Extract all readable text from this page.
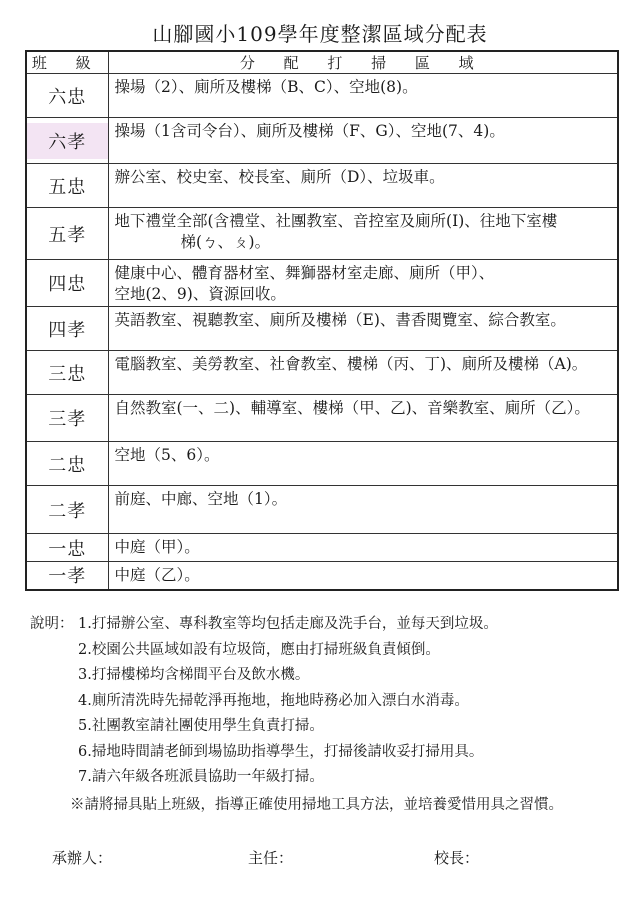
山腳國小109學年度整潔區域分配表
班 級	分 配 打 掃 區 域
六忠	操場（2）、廁所及樓梯（B、C）、空地(8)。

六孝	操場（1含司令台）、廁所及樓梯（F、G）、空地(7、4)。

五忠	辦公室、校史室、校長室、廁所（D）、垃圾車。

五孝	地下禮堂全部(含禮堂、社團教室、音控室及廁所(I)、往地下室樓
梯(ㄅ、ㄆ)。

四忠	健康中心、體育器材室、舞獅器材室走廊、廁所（甲）、
空地(2、9)、資源回收。

四孝	英語教室、視聽教室、廁所及樓梯（E)、書香閱覽室、綜合教室。

三忠	電腦教室、美勞教室、社會教室、樓梯（丙、丁)、廁所及樓梯（A)。

三孝	自然教室(一、二)、輔導室、樓梯（甲、乙)、音樂教室、廁所（乙）。

二忠	空地（5、6）。

二孝	前庭、中廊、空地（1）。

一忠	中庭（甲）。

一孝	中庭（乙）。
說明： 1.打掃辦公室、專科教室等均包括走廊及洗手台，並每天到垃圾。
2.校園公共區域如設有垃圾筒，應由打掃班級負責傾倒。
3.打掃樓梯均含梯間平台及飲水機。
4.廁所清洗時先掃乾淨再拖地，拖地時務必加入漂白水消毒。
5.社團教室請社團使用學生負責打掃。
6.掃地時間請老師到場協助指導學生，打掃後請收妥打掃用具。
7.請六年級各班派員協助一年級打掃。
※請將掃具貼上班級，指導正確使用掃地工具方法，並培養愛惜用具之習慣。
承辦人：	主任：	校長：
